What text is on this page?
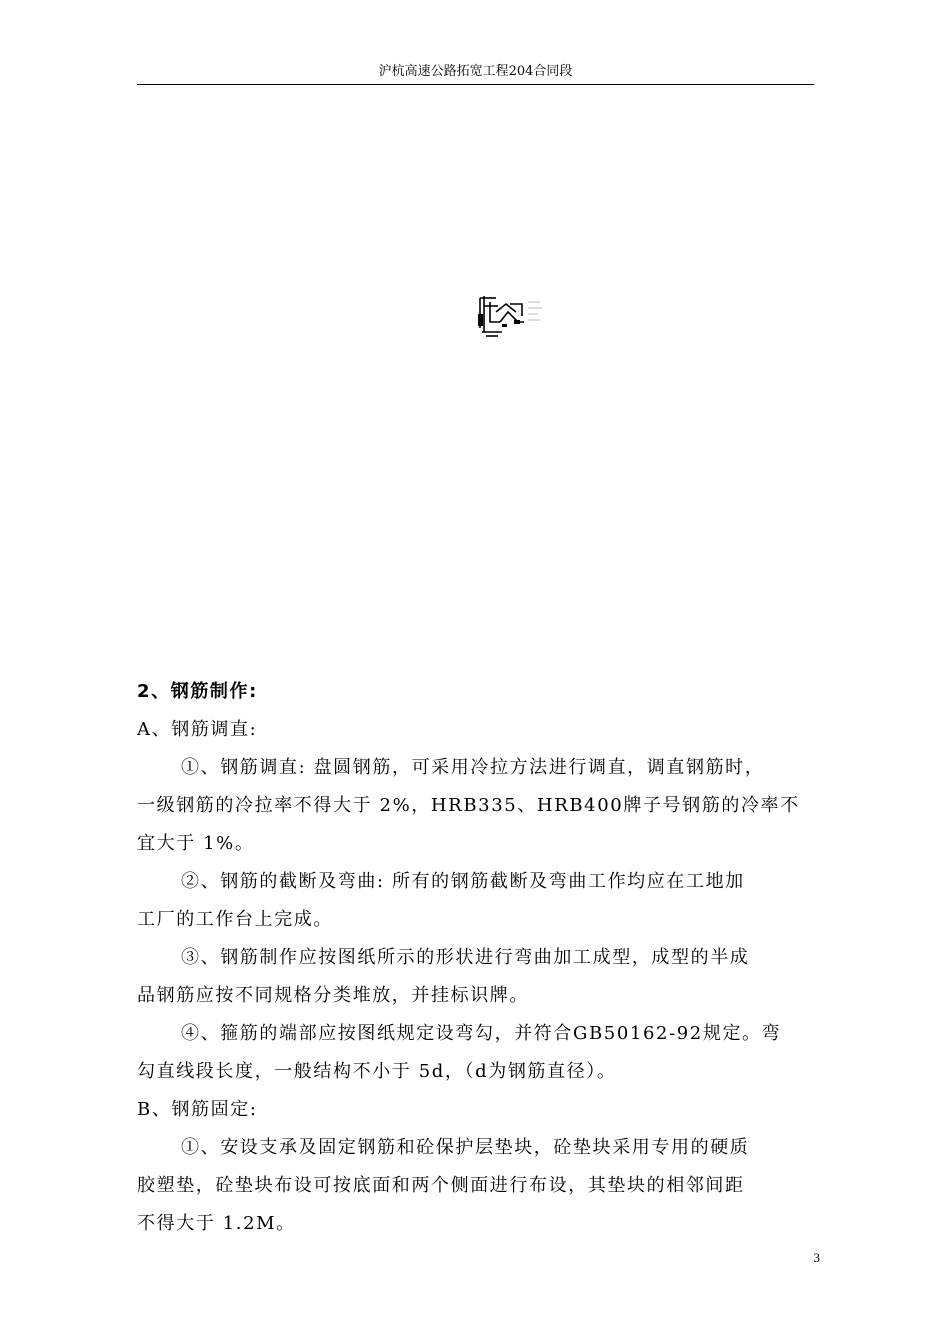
沪杭高速公路拓宽工程204合同段
2、钢筋制作:
A、钢筋调直:
①、钢筋调直: 盘圆钢筋，可采用冷拉方法进行调直，调直钢筋时，
一级钢筋的冷拉率不得大于 2%，HRB335、HRB400牌子号钢筋的冷率不
宜大于 1%。
②、钢筋的截断及弯曲: 所有的钢筋截断及弯曲工作均应在工地加
工厂的工作台上完成。
③、钢筋制作应按图纸所示的形状进行弯曲加工成型，成型的半成
品钢筋应按不同规格分类堆放，并挂标识牌。
④、箍筋的端部应按图纸规定设弯勾，并符合GB50162-92规定。弯
勾直线段长度，一般结构不小于 5d，（d为钢筋直径）。
B、钢筋固定:
①、安设支承及固定钢筋和砼保护层垫块，砼垫块采用专用的硬质
胶塑垫，砼垫块布设可按底面和两个侧面进行布设，其垫块的相邻间距
不得大于 1.2M。
3
